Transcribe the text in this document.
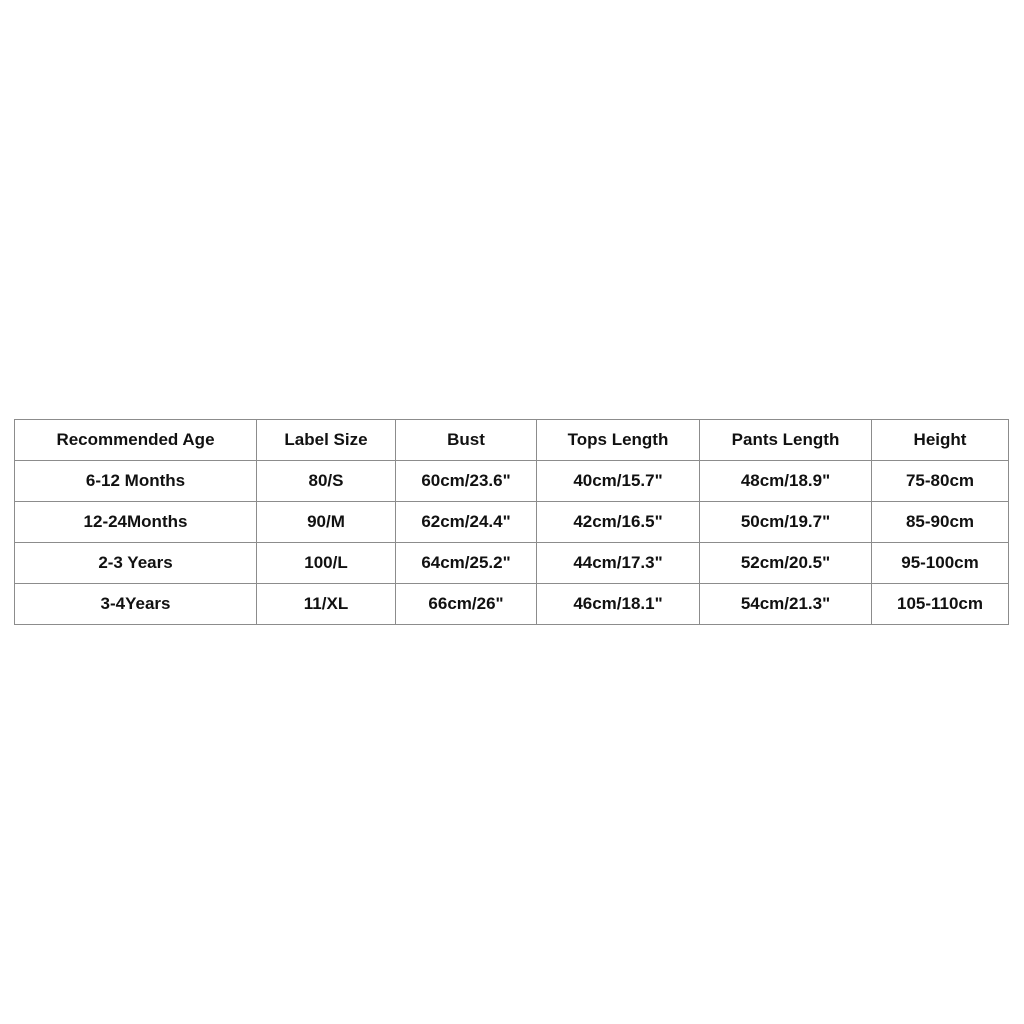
Recommended Age	Label Size	Bust	Tops Length	Pants Length	Height
6-12 Months	80/S	60cm/23.6"	40cm/15.7"	48cm/18.9"	75-80cm
12-24Months	90/M	62cm/24.4"	42cm/16.5"	50cm/19.7"	85-90cm
2-3 Years	100/L	64cm/25.2"	44cm/17.3"	52cm/20.5"	95-100cm
3-4Years	11/XL	66cm/26"	46cm/18.1"	54cm/21.3"	105-110cm
